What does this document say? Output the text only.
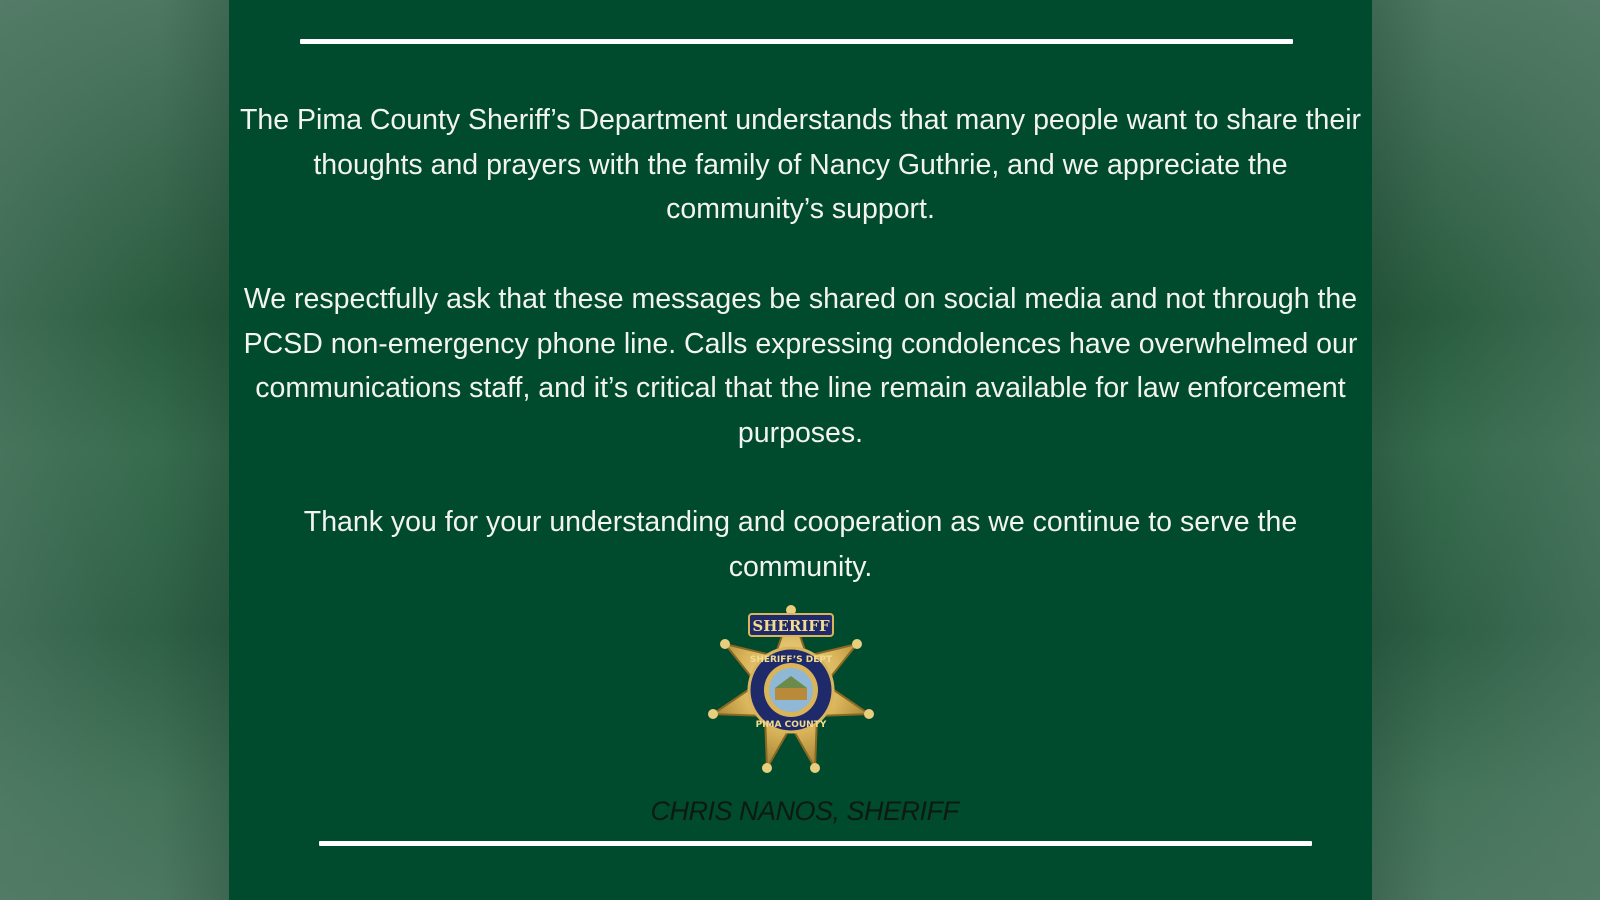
The Pima County Sheriff’s Department understands that many people want to share their thoughts and prayers with the family of Nancy Guthrie, and we appreciate the community’s support.

We respectfully ask that these messages be shared on social media and not through the PCSD non-emergency phone line. Calls expressing condolences have overwhelmed our communications staff, and it’s critical that the line remain available for law enforcement purposes.

Thank you for your understanding and cooperation as we continue to serve the community.

SHERIFF
SHERIFF’S DEPT
PIMA COUNTY
CHRIS NANOS, SHERIFF
